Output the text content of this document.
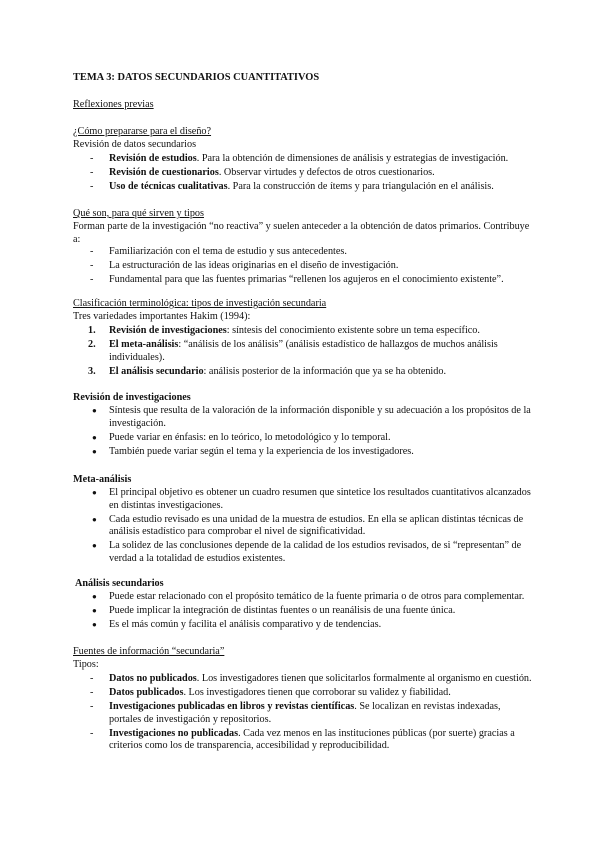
TEMA 3: DATOS SECUNDARIOS CUANTITATIVOS
Reflexiones previas
¿Cómo prepararse para el diseño?
Revisión de datos secundarios
- Revisión de estudios. Para la obtención de dimensiones de análisis y estrategias de investigación.
- Revisión de cuestionarios. Observar virtudes y defectos de otros cuestionarios.
- Uso de técnicas cualitativas. Para la construcción de ítems y para triangulación en el análisis.
Qué son, para qué sirven y tipos
Forman parte de la investigación “no reactiva” y suelen anteceder a la obtención de datos primarios. Contribuye a:
- Familiarización con el tema de estudio y sus antecedentes.
- La estructuración de las ideas originarias en el diseño de investigación.
- Fundamental para que las fuentes primarias “rellenen los agujeros en el conocimiento existente”.
Clasificación terminológica: tipos de investigación secundaria
Tres variedades importantes Hakim (1994):
1. Revisión de investigaciones: síntesis del conocimiento existente sobre un tema específico.
2. El meta-análisis: “análisis de los análisis” (análisis estadístico de hallazgos de muchos análisis individuales).
3. El análisis secundario: análisis posterior de la información que ya se ha obtenido.
Revisión de investigaciones
● Síntesis que resulta de la valoración de la información disponible y su adecuación a los propósitos de la investigación.
● Puede variar en énfasis: en lo teórico, lo metodológico y lo temporal.
● También puede variar según el tema y la experiencia de los investigadores.
Meta-análisis
● El principal objetivo es obtener un cuadro resumen que sintetice los resultados cuantitativos alcanzados en distintas investigaciones.
● Cada estudio revisado es una unidad de la muestra de estudios. En ella se aplican distintas técnicas de análisis estadístico para comprobar el nivel de significatividad.
● La solidez de las conclusiones depende de la calidad de los estudios revisados, de si “representan” de verdad a la totalidad de estudios existentes.
Análisis secundarios
● Puede estar relacionado con el propósito temático de la fuente primaria o de otros para complementar.
● Puede implicar la integración de distintas fuentes o un reanálisis de una fuente única.
● Es el más común y facilita el análisis comparativo y de tendencias.
Fuentes de información “secundaria”
Tipos:
- Datos no publicados. Los investigadores tienen que solicitarlos formalmente al organismo en cuestión.
- Datos publicados. Los investigadores tienen que corroborar su validez y fiabilidad.
- Investigaciones publicadas en libros y revistas científicas. Se localizan en revistas indexadas, portales de investigación y repositorios.
- Investigaciones no publicadas. Cada vez menos en las instituciones públicas (por suerte) gracias a criterios como los de transparencia, accesibilidad y reproducibilidad.
